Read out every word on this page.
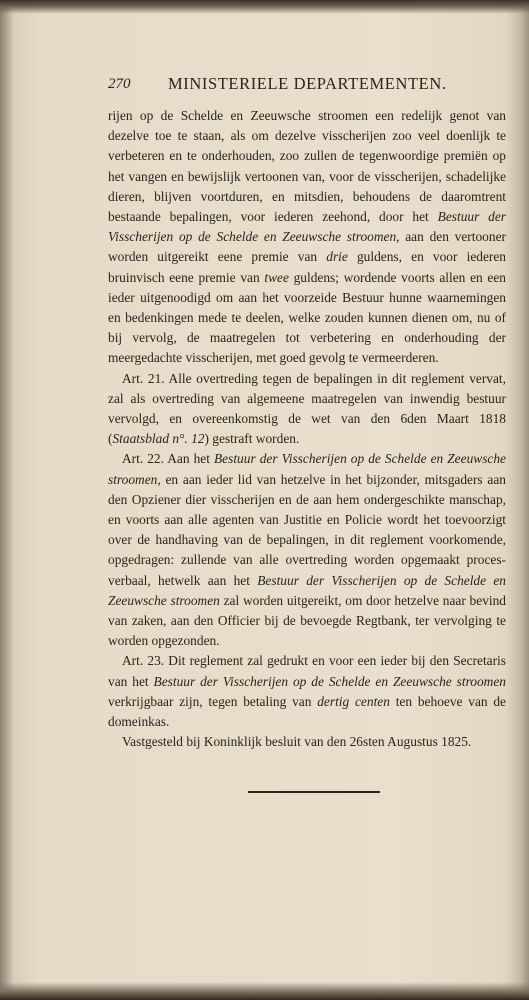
270 MINISTERIELE DEPARTEMENTEN.

rijen op de Schelde en Zeeuwsche stroomen een redelijk genot van dezelve toe te staan, als om dezelve visscherijen zoo veel doenlijk te verbeteren en te onderhouden, zoo zullen de tegenwoordige premiën op het vangen en bewijslijk vertoonen van, voor de visscherijen, schadelijke dieren, blijven voortduren, en mitsdien, behoudens de daaromtrent bestaande bepalingen, voor iederen zeehond, door het Bestuur der Visscherijen op de Schelde en Zeeuwsche stroomen, aan den vertooner worden uitgereikt eene premie van drie guldens, en voor iederen bruinvisch eene premie van twee guldens; wordende voorts allen en een ieder uitgenoodigd om aan het voorzeide Bestuur hunne waarnemingen en bedenkingen mede te deelen, welke zouden kunnen dienen om, nu of bij vervolg, de maatregelen tot verbetering en onderhouding der meergedachte visscherijen, met goed gevolg te vermeerderen.

Art. 21. Alle overtreding tegen de bepalingen in dit reglement vervat, zal als overtreding van algemeene maatregelen van inwendig bestuur vervolgd, en overeenkomstig de wet van den 6den Maart 1818 (Staatsblad n°. 12) gestraft worden.

Art. 22. Aan het Bestuur der Visscherijen op de Schelde en Zeeuwsche stroomen, en aan ieder lid van hetzelve in het bijzonder, mitsgaders aan den Opziener dier visscherijen en de aan hem ondergeschikte manschap, en voorts aan alle agenten van Justitie en Policie wordt het toevoorzigt over de handhaving van de bepalingen, in dit reglement voorkomende, opgedragen: zullende van alle overtreding worden opgemaakt proces-verbaal, hetwelk aan het Bestuur der Visscherijen op de Schelde en Zeeuwsche stroomen zal worden uitgereikt, om door hetzelve naar bevind van zaken, aan den Officier bij de bevoegde Regtbank, ter vervolging te worden opgezonden.

Art. 23. Dit reglement zal gedrukt en voor een ieder bij den Secretaris van het Bestuur der Visscherijen op de Schelde en Zeeuwsche stroomen verkrijgbaar zijn, tegen betaling van dertig centen ten behoeve van de domeinkas.

Vastgesteld bij Koninklijk besluit van den 26sten Augustus 1825.
